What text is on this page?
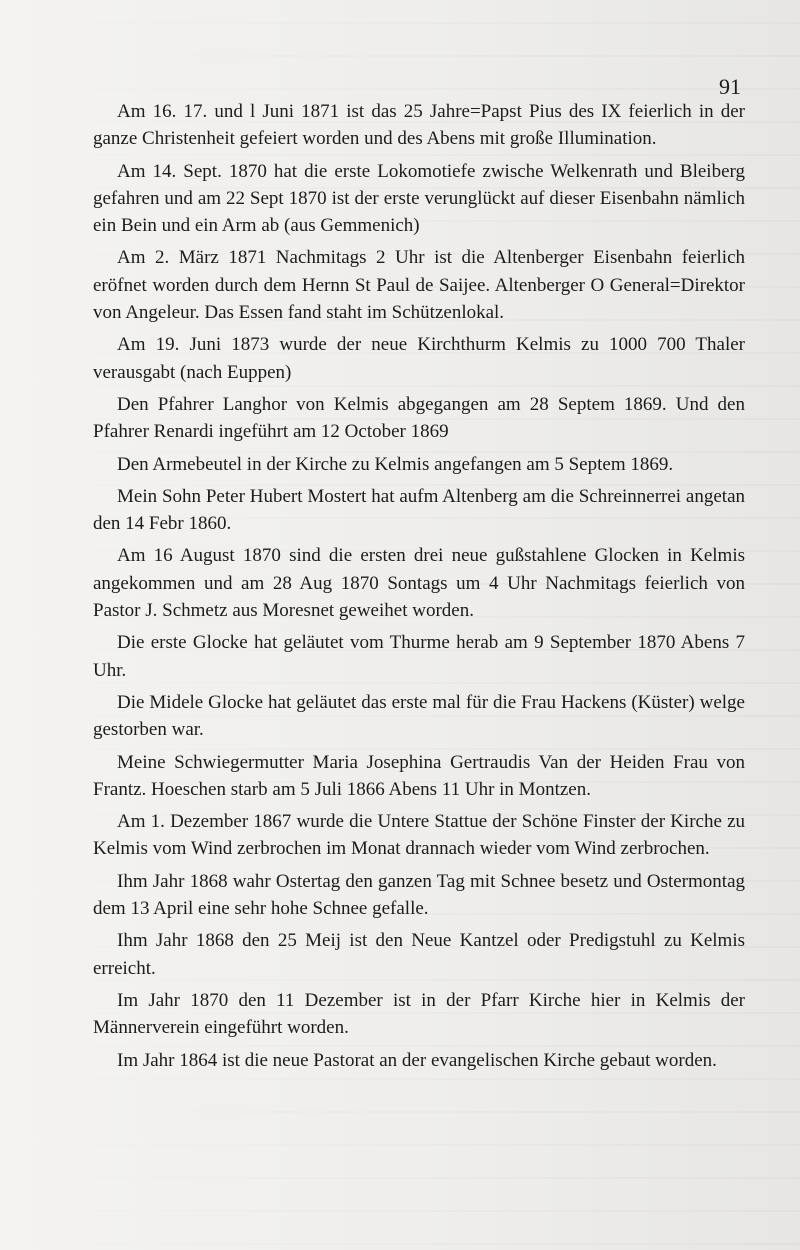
91

Am 16. 17. und l Juni 1871 ist das 25 Jahre=Papst Pius des IX feierlich in der ganze Christenheit gefeiert worden und des Abens mit große Illumination.

Am 14. Sept. 1870 hat die erste Lokomotiefe zwische Welkenrath und Bleiberg gefahren und am 22 Sept 1870 ist der erste verunglückt auf dieser Eisenbahn nämlich ein Bein und ein Arm ab (aus Gemmenich)

Am 2. März 1871 Nachmitags 2 Uhr ist die Altenberger Eisenbahn feierlich eröfnet worden durch dem Hernn St Paul de Saijee. Altenberger O General=Direktor von Angeleur. Das Essen fand staht im Schützenlokal.

Am 19. Juni 1873 wurde der neue Kirchthurm Kelmis zu 1000 700 Thaler verausgabt (nach Euppen)

Den Pfahrer Langhor von Kelmis abgegangen am 28 Septem 1869. Und den Pfahrer Renardi ingeführt am 12 October 1869

Den Armebeutel in der Kirche zu Kelmis angefangen am 5 Septem 1869.

Mein Sohn Peter Hubert Mostert hat aufm Altenberg am die Schreinnerrei angetan den 14 Febr 1860.

Am 16 August 1870 sind die ersten drei neue gußstahlene Glocken in Kelmis angekommen und am 28 Aug 1870 Sontags um 4 Uhr Nachmitags feierlich von Pastor J. Schmetz aus Moresnet geweihet worden.

Die erste Glocke hat geläutet vom Thurme herab am 9 September 1870 Abens 7 Uhr.

Die Midele Glocke hat geläutet das erste mal für die Frau Hackens (Küster) welge gestorben war.

Meine Schwiegermutter Maria Josephina Gertraudis Van der Heiden Frau von Frantz. Hoeschen starb am 5 Juli 1866 Abens 11 Uhr in Montzen.

Am 1. Dezember 1867 wurde die Untere Stattue der Schöne Finster der Kirche zu Kelmis vom Wind zerbrochen im Monat drannach wieder vom Wind zerbrochen.

Ihm Jahr 1868 wahr Ostertag den ganzen Tag mit Schnee besetz und Ostermontag dem 13 April eine sehr hohe Schnee gefalle.

Ihm Jahr 1868 den 25 Meij ist den Neue Kantzel oder Predigstuhl zu Kelmis erreicht.

Im Jahr 1870 den 11 Dezember ist in der Pfarr Kirche hier in Kelmis der Männerverein eingeführt worden.

Im Jahr 1864 ist die neue Pastorat an der evangelischen Kirche gebaut worden.
